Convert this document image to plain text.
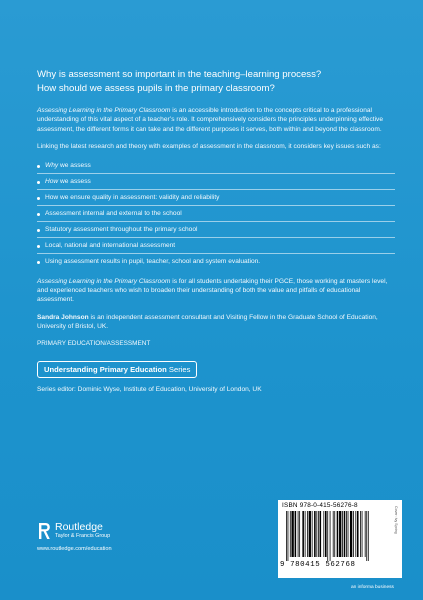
Why is assessment so important in the teaching–learning process?
How should we assess pupils in the primary classroom?

Assessing Learning in the Primary Classroom is an accessible introduction to the concepts critical to a professional understanding of this vital aspect of a teacher’s role. It comprehensively considers the principles underpinning effective assessment, the different forms it can take and the different purposes it serves, both within and beyond the classroom.

Linking the latest research and theory with examples of assessment in the classroom, it considers key issues such as:

Why we assess
How we assess
How we ensure quality in assessment: validity and reliability
Assessment internal and external to the school
Statutory assessment throughout the primary school
Local, national and international assessment
Using assessment results in pupil, teacher, school and system evaluation.

Assessing Learning in the Primary Classroom is for all students undertaking their PGCE, those working at masters level, and experienced teachers who wish to broaden their understanding of both the value and pitfalls of educational assessment.

Sandra Johnson is an independent assessment consultant and Visiting Fellow in the Graduate School of Education, University of Bristol, UK.

PRIMARY EDUCATION/ASSESSMENT
Understanding Primary Education Series
Series editor: Dominic Wyse, Institute of Education, University of London, UK
Routledge
Taylor & Francis Group
www.routledge.com/education
ISBN 978-0-415-56276-8
9 780415 562768
Cover: Ivy Spring
an informa business
